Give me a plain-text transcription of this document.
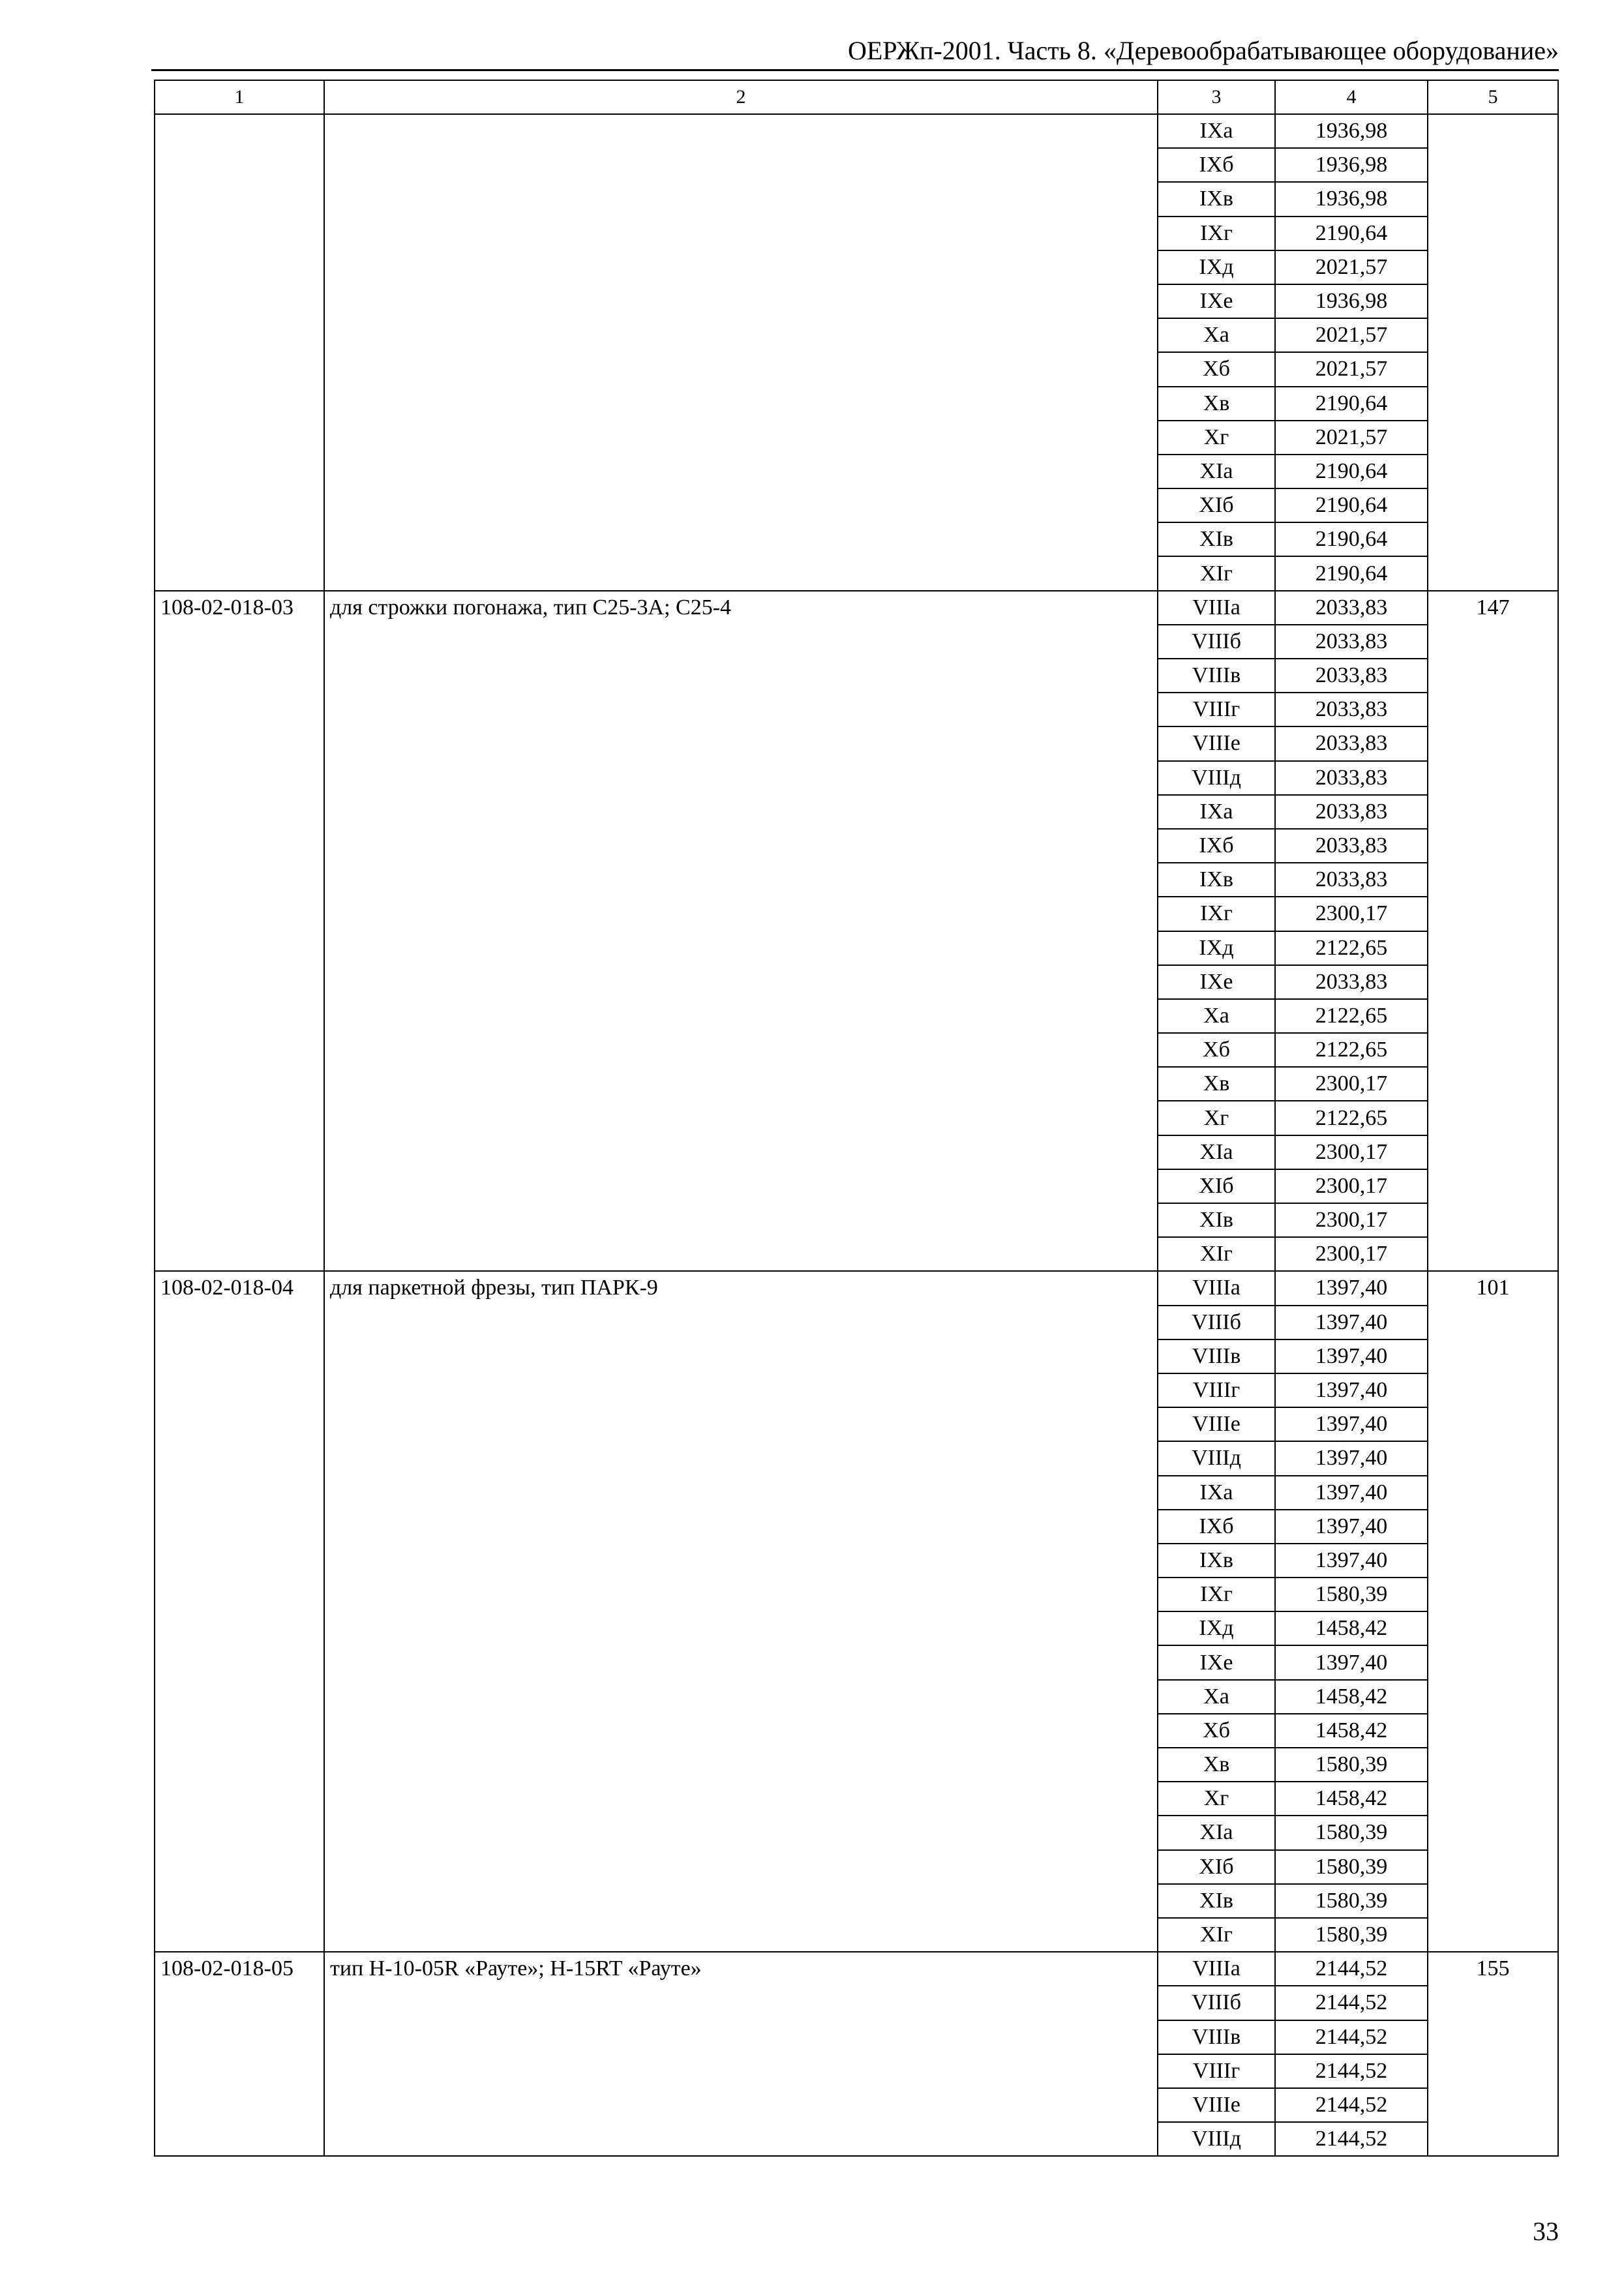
ОЕРЖп-2001. Часть 8. «Деревообрабатывающее оборудование»
1	2	3	4	5
		IXа	1936,98	
		IXб	1936,98	
		IXв	1936,98	
		IXг	2190,64	
		IXд	2021,57	
		IXе	1936,98	
		Xа	2021,57	
		Xб	2021,57	
		Xв	2190,64	
		Xг	2021,57	
		XIа	2190,64	
		XIб	2190,64	
		XIв	2190,64	
		XIг	2190,64	
108-02-018-03	для строжки погонажа, тип С25-3А; С25-4	VIIIа	2033,83	147
		VIIIб	2033,83	
		VIIIв	2033,83	
		VIIIг	2033,83	
		VIIIе	2033,83	
		VIIIд	2033,83	
		IXа	2033,83	
		IXб	2033,83	
		IXв	2033,83	
		IXг	2300,17	
		IXд	2122,65	
		IXе	2033,83	
		Xа	2122,65	
		Xб	2122,65	
		Xв	2300,17	
		Xг	2122,65	
		XIа	2300,17	
		XIб	2300,17	
		XIв	2300,17	
		XIг	2300,17	
108-02-018-04	для паркетной фрезы, тип ПАРК-9	VIIIа	1397,40	101
		VIIIб	1397,40	
		VIIIв	1397,40	
		VIIIг	1397,40	
		VIIIе	1397,40	
		VIIIд	1397,40	
		IXа	1397,40	
		IXб	1397,40	
		IXв	1397,40	
		IXг	1580,39	
		IXд	1458,42	
		IXе	1397,40	
		Xа	1458,42	
		Xб	1458,42	
		Xв	1580,39	
		Xг	1458,42	
		XIа	1580,39	
		XIб	1580,39	
		XIв	1580,39	
		XIг	1580,39	
108-02-018-05	тип Н-10-05R «Рауте»; Н-15RT «Рауте»	VIIIа	2144,52	155
		VIIIб	2144,52	
		VIIIв	2144,52	
		VIIIг	2144,52	
		VIIIе	2144,52	
		VIIIд	2144,52	
33
